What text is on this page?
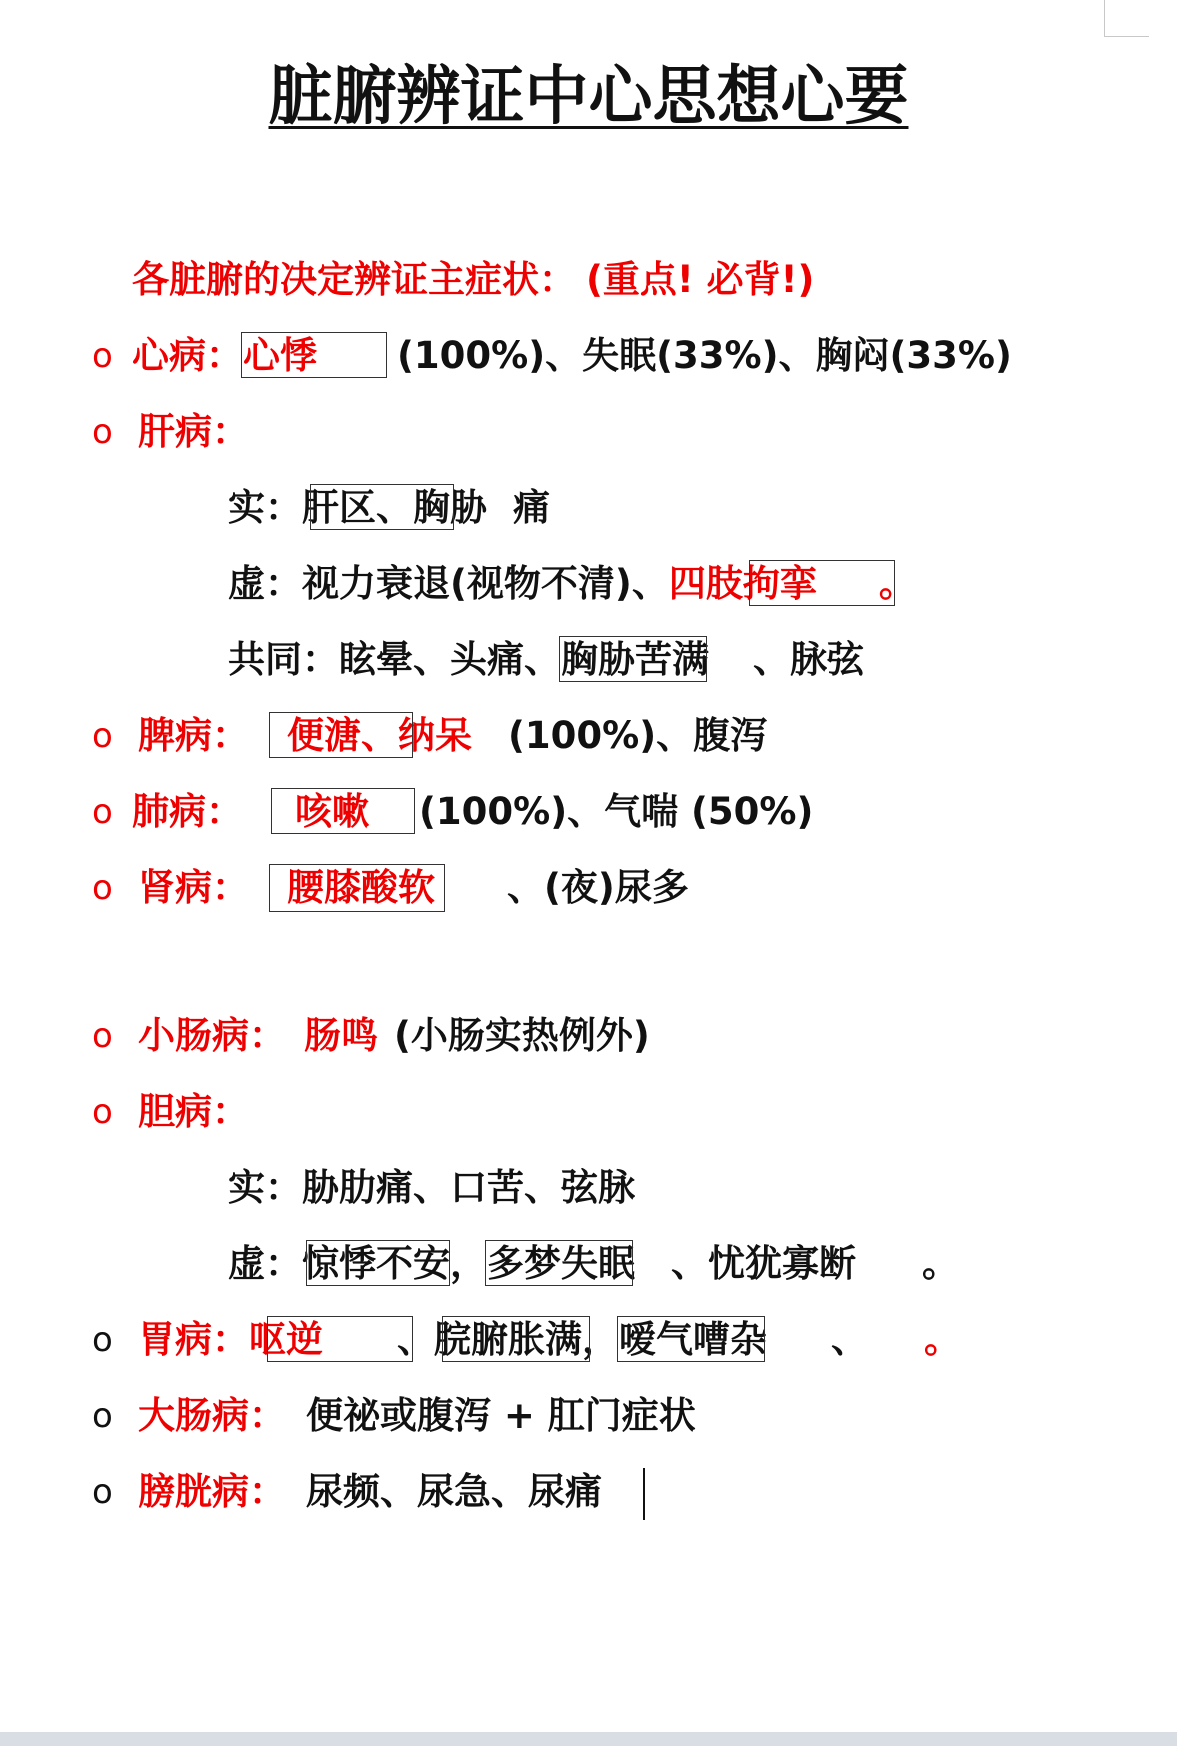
脏腑辨证中心思想心要
各脏腑的决定辨证主症状： (重点! 必背!)
o 心病：心悸 (100%)、失眠(33%)、胸闷(33%)
o 肝病：
实：肝区、胸胁 痛
虚：视力衰退(视物不清)、四肢拘挛 。
共同：眩晕、头痛、胸胁苦满 、脉弦
o 脾病： 便溏、纳呆 (100%)、腹泻
o 肺病： 咳嗽 (100%)、气喘 (50%)
o 肾病： 腰膝酸软 、(夜)尿多
o 小肠病： 肠鸣 (小肠实热例外)
o 胆病：
实：胁肋痛、口苦、弦脉
虚：惊悸不安
，多梦失眠 、忧犹寡断 。
o 胃病：呕逆 、脘腑胀满
，嗳气嘈杂 、 。
o 大肠病： 便祕或腹泻 + 肛门症状
o 膀胱病： 尿频、尿急、尿痛
